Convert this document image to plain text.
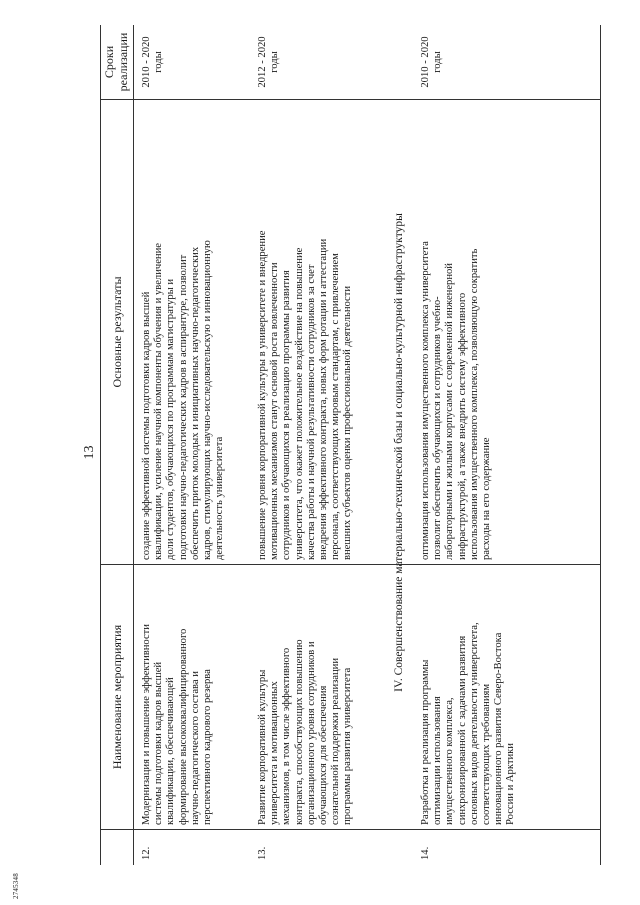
2745348
13
Наименование мероприятия
Основные результаты
Сроки реализации
12.
Модернизация и повышение эффективности системы подготовки кадров высшей квалификации, обеспечивающей формирование высококвалифицированного научно-педагогического состава и перспективного кадрового резерва
создание эффективной системы подготовки кадров высшей квалификации, усиление научной компоненты обучения и увеличение доли студентов, обучающихся по программам магистратуры и подготовки научно-педагогических кадров в аспирантуре, позволит обеспечить приток молодых и инициативных научно-педагогических кадров, стимулирующих научно-исследовательскую и инновационную деятельность университета
2010 - 2020 годы
13.
Развитие корпоративной культуры университета и мотивационных механизмов, в том числе эффективного контракта, способствующих повышению организационного уровня сотрудников и обучающихся для обеспечения сознательной поддержки реализации программы развития университета
повышение уровня корпоративной культуры в университете и внедрение мотивационных механизмов станут основой роста вовлеченности сотрудников и обучающихся в реализацию программы развития университета, что окажет положительное воздействие на повышение качества работы и научной результативности сотрудников за счет внедрения эффективного контракта, новых форм ротации и аттестации персонала, соответствующих мировым стандартам, с привлечением внешних субъектов оценки профессиональной деятельности
2012 - 2020 годы
IV. Совершенствование материально-технической базы и социально-культурной инфраструктуры
14.
Разработка и реализация программы оптимизации использования имущественного комплекса, синхронизированной с задачами развития основных видов деятельности университета, соответствующих требованиям инновационного развития Северо-Востока России и Арктики
оптимизация использования имущественного комплекса университета позволит обеспечить обучающихся и сотрудников учебно- лабораторными и жилыми корпусами с современной инженерной инфраструктурой, а также внедрить систему эффективного использования имущественного комплекса, позволяющую сократить расходы на его содержание
2010 - 2020 годы
